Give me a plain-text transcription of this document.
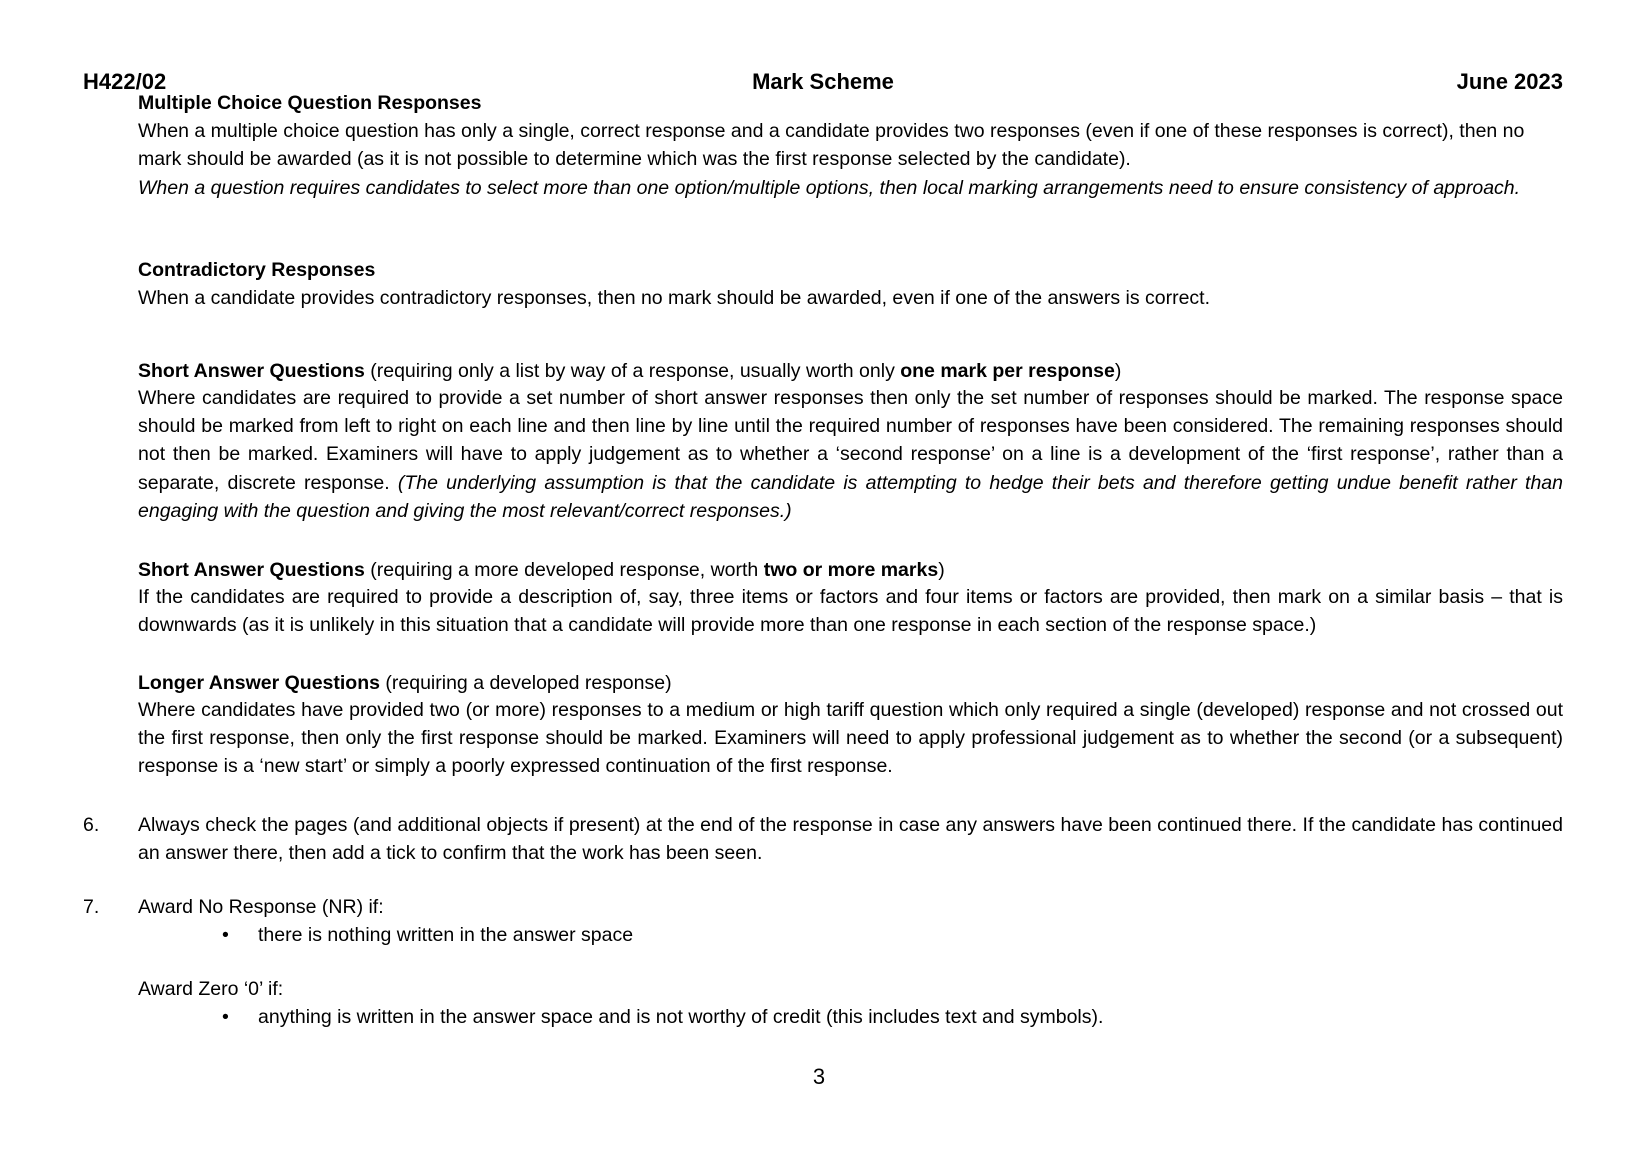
H422/02	Mark Scheme	June 2023
Multiple Choice Question Responses
When a multiple choice question has only a single, correct response and a candidate provides two responses (even if one of these responses is correct), then no mark should be awarded (as it is not possible to determine which was the first response selected by the candidate).
When a question requires candidates to select more than one option/multiple options, then local marking arrangements need to ensure consistency of approach.
Contradictory Responses
When a candidate provides contradictory responses, then no mark should be awarded, even if one of the answers is correct.
Short Answer Questions (requiring only a list by way of a response, usually worth only one mark per response)
Where candidates are required to provide a set number of short answer responses then only the set number of responses should be marked. The response space should be marked from left to right on each line and then line by line until the required number of responses have been considered. The remaining responses should not then be marked. Examiners will have to apply judgement as to whether a ‘second response’ on a line is a development of the ‘first response’, rather than a separate, discrete response. (The underlying assumption is that the candidate is attempting to hedge their bets and therefore getting undue benefit rather than engaging with the question and giving the most relevant/correct responses.)
Short Answer Questions (requiring a more developed response, worth two or more marks)
If the candidates are required to provide a description of, say, three items or factors and four items or factors are provided, then mark on a similar basis – that is downwards (as it is unlikely in this situation that a candidate will provide more than one response in each section of the response space.)
Longer Answer Questions (requiring a developed response)
Where candidates have provided two (or more) responses to a medium or high tariff question which only required a single (developed) response and not crossed out the first response, then only the first response should be marked. Examiners will need to apply professional judgement as to whether the second (or a subsequent) response is a ‘new start’ or simply a poorly expressed continuation of the first response.
6. Always check the pages (and additional objects if present) at the end of the response in case any answers have been continued there. If the candidate has continued an answer there, then add a tick to confirm that the work has been seen.
7. Award No Response (NR) if:
• there is nothing written in the answer space
Award Zero ‘0’ if:
• anything is written in the answer space and is not worthy of credit (this includes text and symbols).
3
